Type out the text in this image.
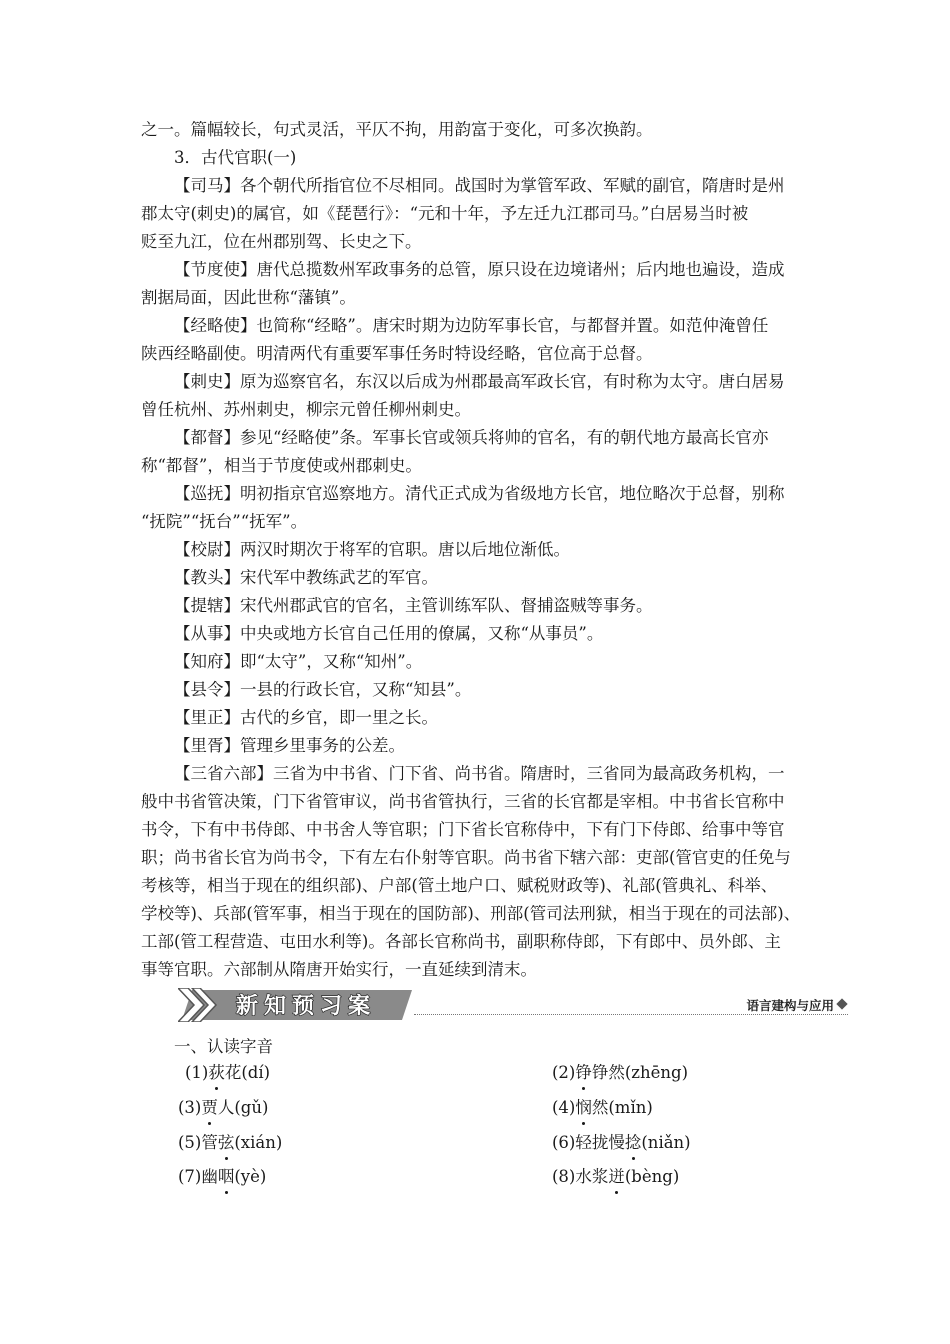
之一。篇幅较长，句式灵活，平仄不拘，用韵富于变化，可多次换韵。

3．古代官职(一)

【司马】各个朝代所指官位不尽相同。战国时为掌管军政、军赋的副官，隋唐时是州

郡太守(刺史)的属官，如《琵琶行》：“元和十年，予左迁九江郡司马。”白居易当时被

贬至九江，位在州郡别驾、长史之下。

【节度使】唐代总揽数州军政事务的总管，原只设在边境诸州；后内地也遍设，造成

割据局面，因此世称“藩镇”。

【经略使】也简称“经略”。唐宋时期为边防军事长官，与都督并置。如范仲淹曾任

陕西经略副使。明清两代有重要军事任务时特设经略，官位高于总督。

【刺史】原为巡察官名，东汉以后成为州郡最高军政长官，有时称为太守。唐白居易

曾任杭州、苏州刺史，柳宗元曾任柳州刺史。

【都督】参见“经略使”条。军事长官或领兵将帅的官名，有的朝代地方最高长官亦

称“都督”，相当于节度使或州郡刺史。

【巡抚】明初指京官巡察地方。清代正式成为省级地方长官，地位略次于总督，别称

“抚院”“抚台”“抚军”。

【校尉】两汉时期次于将军的官职。唐以后地位渐低。

【教头】宋代军中教练武艺的军官。

【提辖】宋代州郡武官的官名，主管训练军队、督捕盗贼等事务。

【从事】中央或地方长官自己任用的僚属，又称“从事员”。

【知府】即“太守”，又称“知州”。

【县令】一县的行政长官，又称“知县”。

【里正】古代的乡官，即一里之长。

【里胥】管理乡里事务的公差。

【三省六部】三省为中书省、门下省、尚书省。隋唐时，三省同为最高政务机构，一

般中书省管决策，门下省管审议，尚书省管执行，三省的长官都是宰相。中书省长官称中

书令，下有中书侍郎、中书舍人等官职；门下省长官称侍中，下有门下侍郎、给事中等官

职；尚书省长官为尚书令，下有左右仆射等官职。尚书省下辖六部：吏部(管官吏的任免与

考核等，相当于现在的组织部)、户部(管土地户口、赋税财政等)、礼部(管典礼、科举、

学校等)、兵部(管军事，相当于现在的国防部)、刑部(管司法刑狱，相当于现在的司法部)、

工部(管工程营造、屯田水利等)。各部长官称尚书，副职称侍郎，下有郎中、员外郎、主

事等官职。六部制从隋唐开始实行，一直延续到清末。

新知预习案	语言建构与应用
一、认读字音
(1)荻花(dí)	(2)铮铮然(zhēng)
(3)贾人(gǔ)	(4)悯然(mǐn)
(5)管弦(xián)	(6)轻拢慢捻(niǎn)
(7)幽咽(yè)	(8)水浆迸(bèng)
